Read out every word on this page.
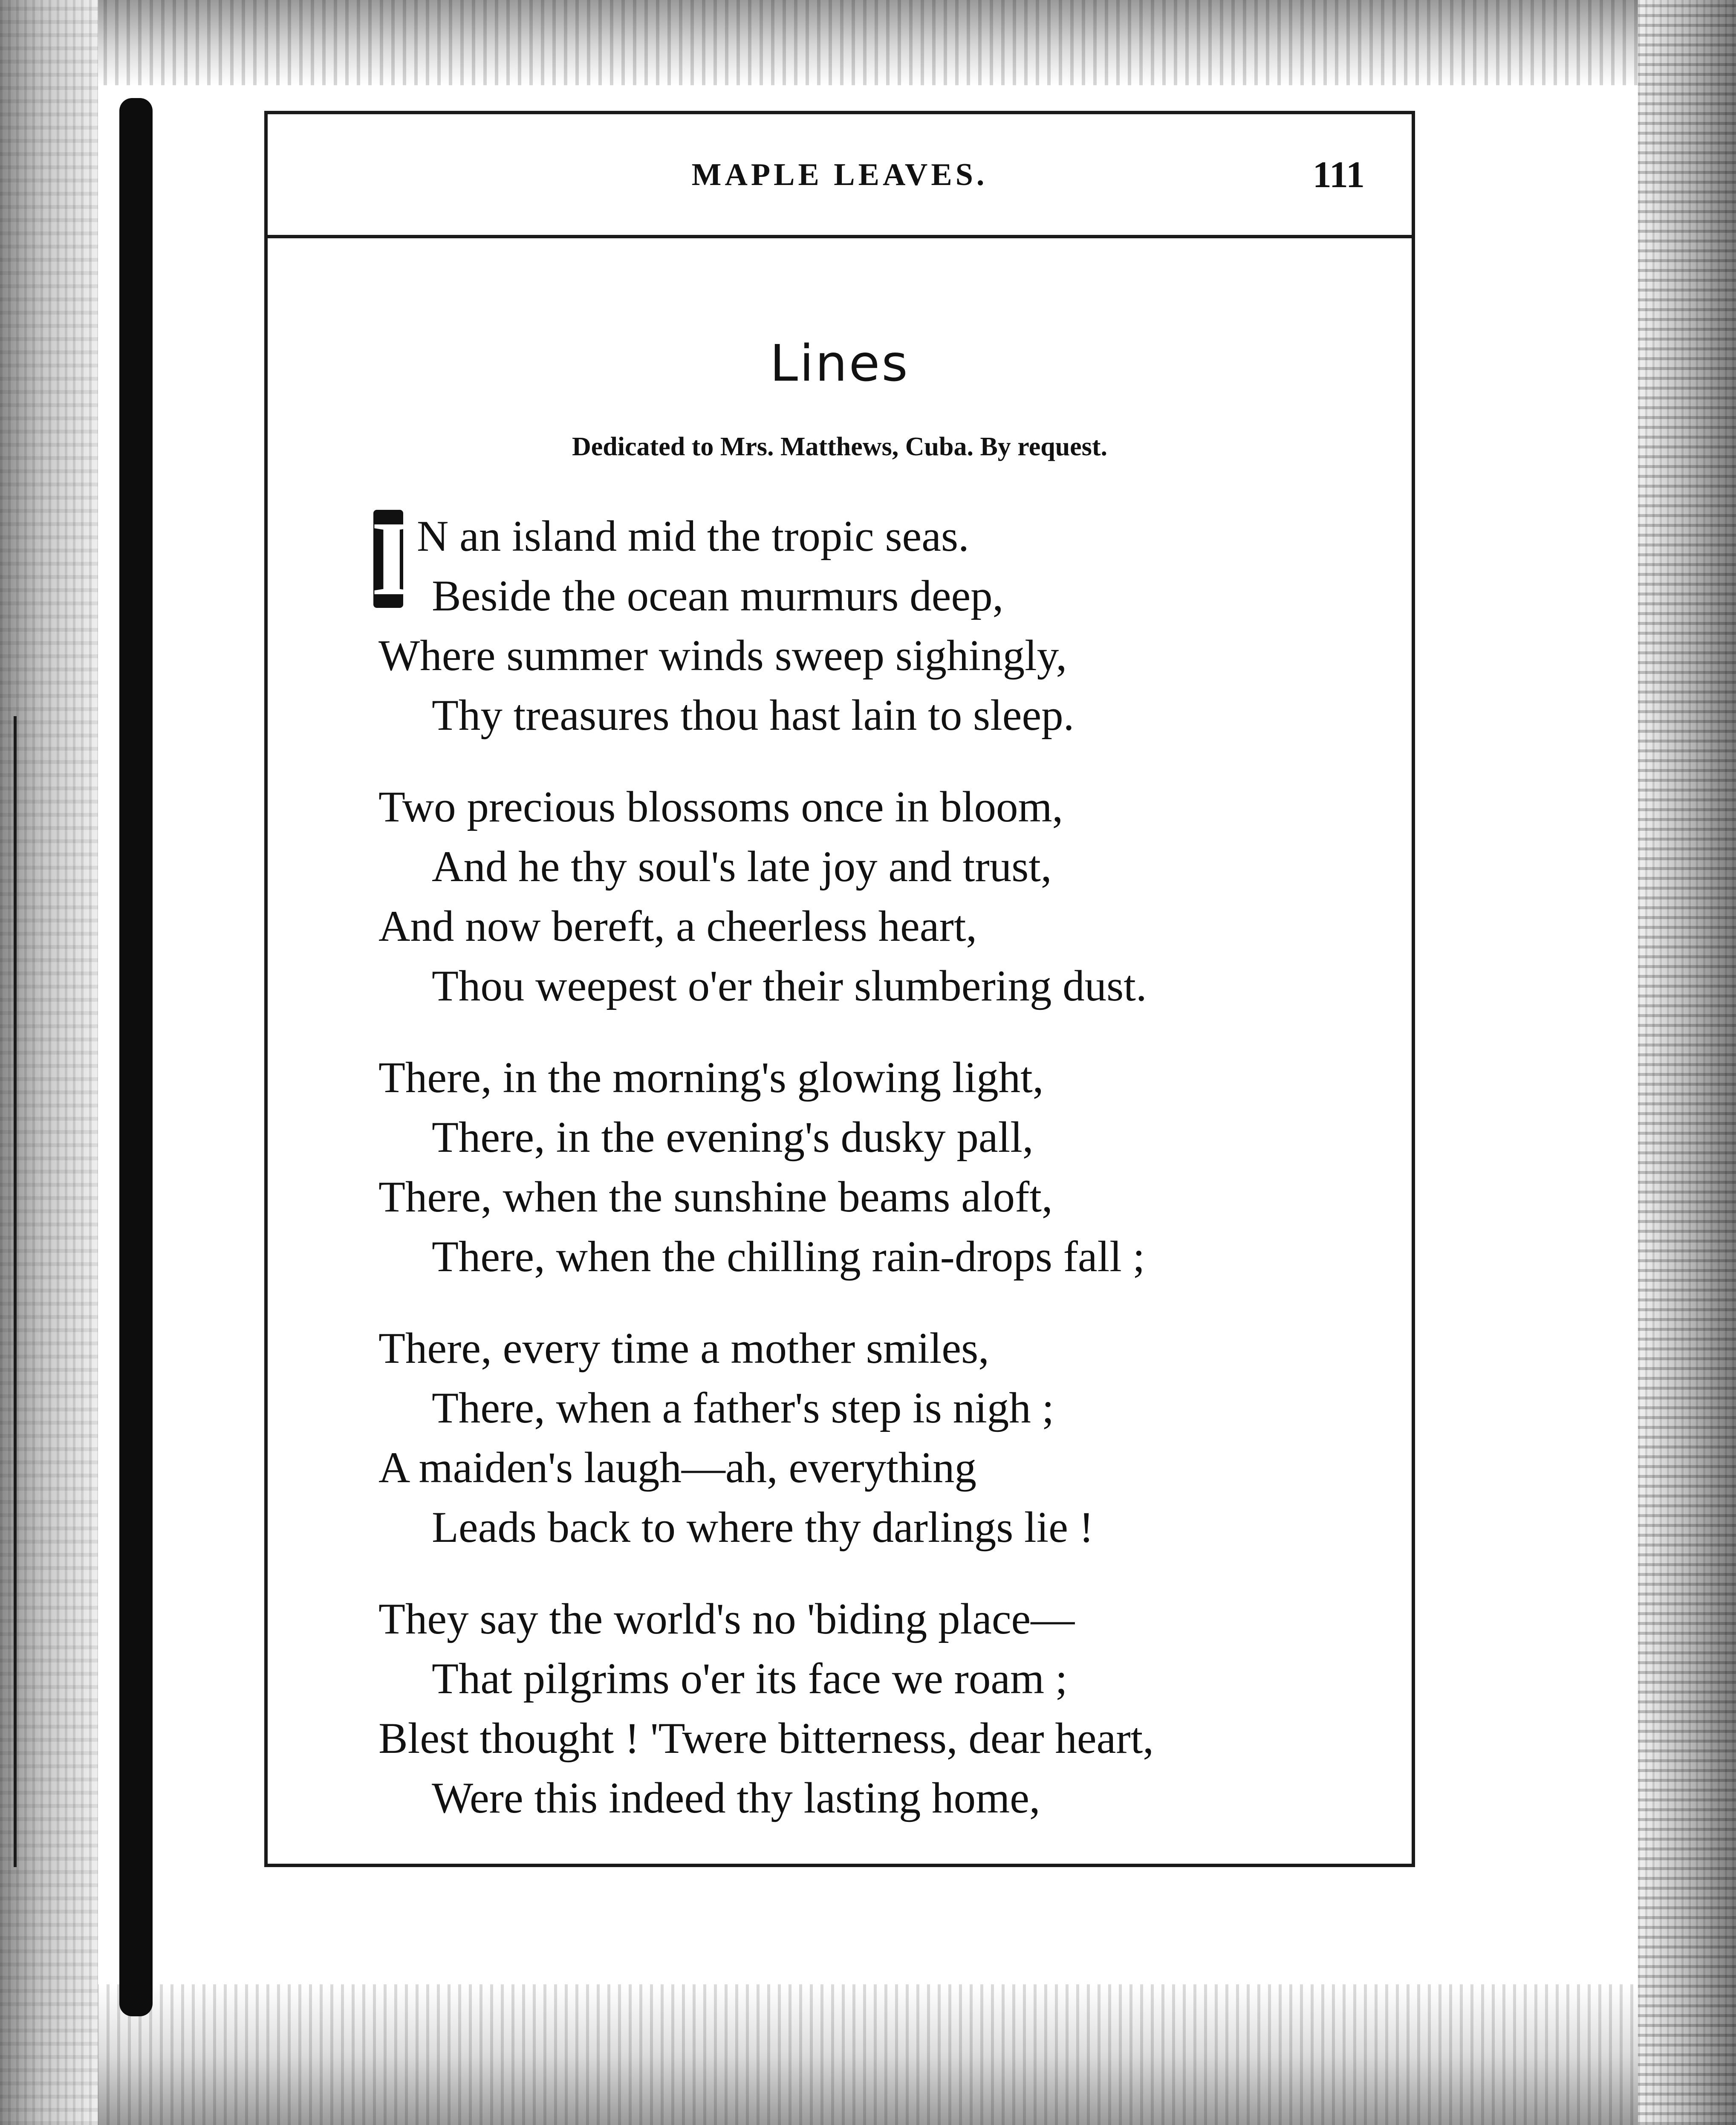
MAPLE LEAVES.	111
Lines
Dedicated to Mrs. Matthews, Cuba. By request.
I N an island mid the tropic seas.
Beside the ocean murmurs deep,
Where summer winds sweep sighingly,
Thy treasures thou hast lain to sleep.
Two precious blossoms once in bloom,
And he thy soul's late joy and trust,
And now bereft, a cheerless heart,
Thou weepest o'er their slumbering dust.
There, in the morning's glowing light,
There, in the evening's dusky pall,
There, when the sunshine beams aloft,
There, when the chilling rain-drops fall ;
There, every time a mother smiles,
There, when a father's step is nigh ;
A maiden's laugh—ah, everything
Leads back to where thy darlings lie !
They say the world's no 'biding place—
That pilgrims o'er its face we roam ;
Blest thought ! 'Twere bitterness, dear heart,
Were this indeed thy lasting home,
